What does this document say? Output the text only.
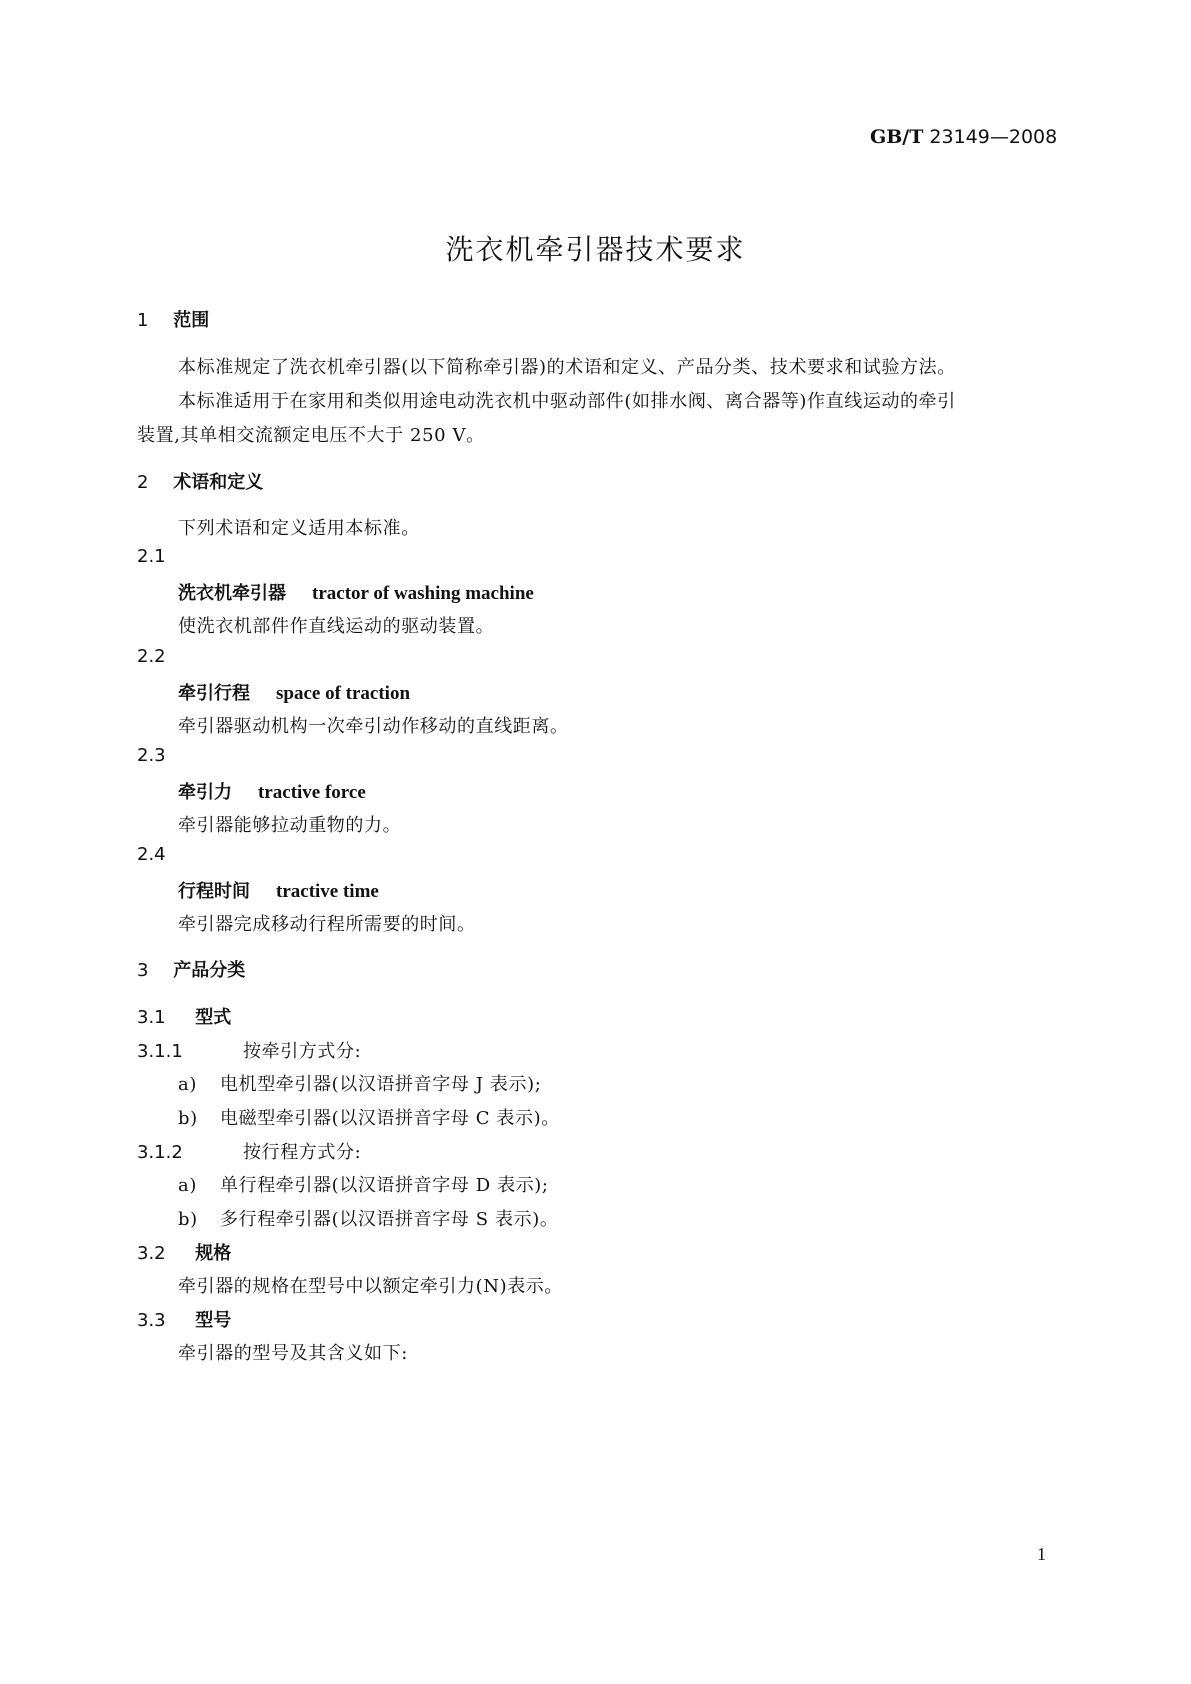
GB/T 23149—2008
洗衣机牵引器技术要求
1 范围
本标准规定了洗衣机牵引器(以下简称牵引器)的术语和定义、产品分类、技术要求和试验方法。
本标准适用于在家用和类似用途电动洗衣机中驱动部件(如排水阀、离合器等)作直线运动的牵引
装置,其单相交流额定电压不大于 250 V。
2 术语和定义
下列术语和定义适用本标准。
2.1
洗衣机牵引器 tractor of washing machine
使洗衣机部件作直线运动的驱动装置。
2.2
牵引行程 space of traction
牵引器驱动机构一次牵引动作移动的直线距离。
2.3
牵引力 tractive force
牵引器能够拉动重物的力。
2.4
行程时间 tractive time
牵引器完成移动行程所需要的时间。
3 产品分类
3.1 型式
3.1.1	按牵引方式分:
a) 电机型牵引器(以汉语拼音字母 J 表示);
b) 电磁型牵引器(以汉语拼音字母 C 表示)。
3.1.2	按行程方式分:
a) 单行程牵引器(以汉语拼音字母 D 表示);
b) 多行程牵引器(以汉语拼音字母 S 表示)。
3.2 规格
牵引器的规格在型号中以额定牵引力(N)表示。
3.3 型号
牵引器的型号及其含义如下:
1
